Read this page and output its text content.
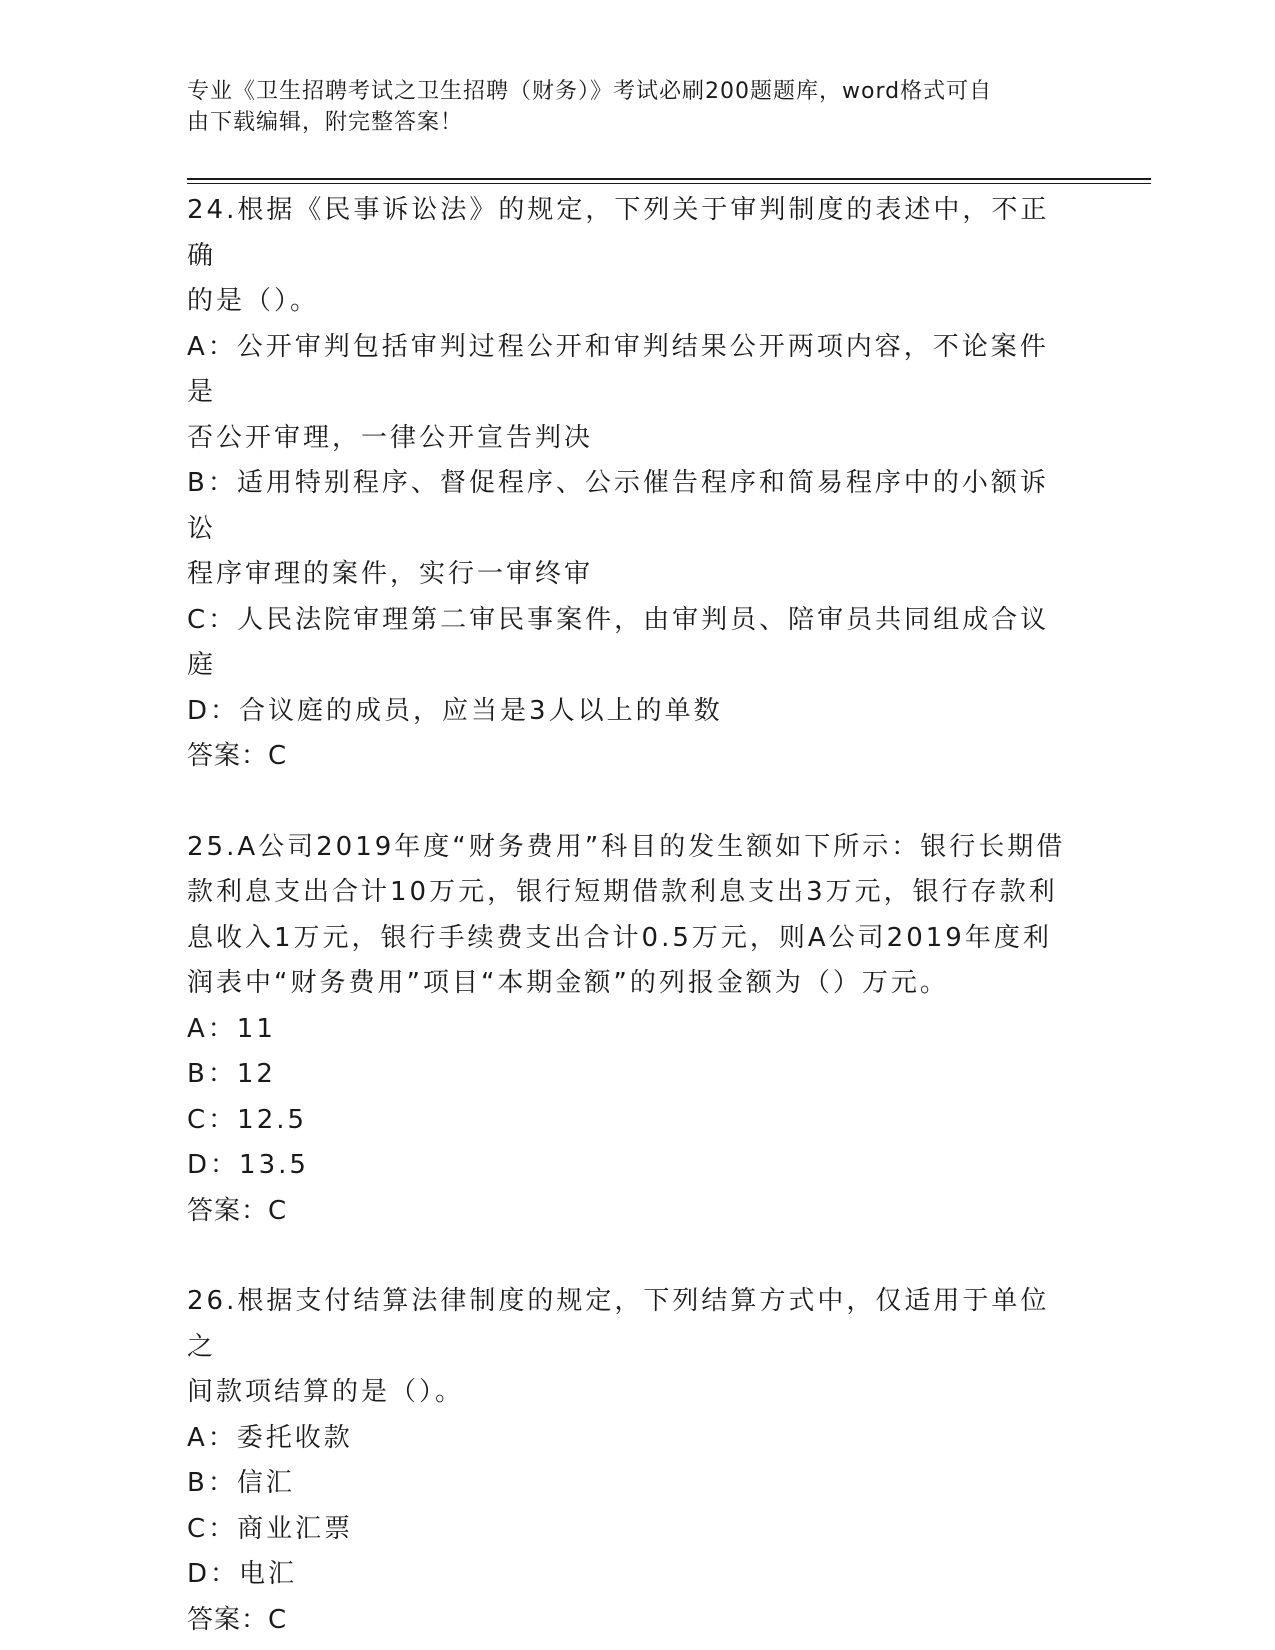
专业《卫生招聘考试之卫生招聘（财务）》考试必刷200题题库，word格式可自
由下载编辑，附完整答案！

24.根据《民事诉讼法》的规定，下列关于审判制度的表述中，不正确

的是（）。

A：公开审判包括审判过程公开和审判结果公开两项内容，不论案件是

否公开审理，一律公开宣告判决

B：适用特别程序、督促程序、公示催告程序和简易程序中的小额诉讼

程序审理的案件，实行一审终审

C：人民法院审理第二审民事案件，由审判员、陪审员共同组成合议庭

D：合议庭的成员，应当是3人以上的单数

答案：C

25.A公司2019年度“财务费用”科目的发生额如下所示：银行长期借

款利息支出合计10万元，银行短期借款利息支出3万元，银行存款利

息收入1万元，银行手续费支出合计0.5万元，则A公司2019年度利

润表中“财务费用”项目“本期金额”的列报金额为（）万元。

A：11

B：12

C：12.5

D：13.5

答案：C

26.根据支付结算法律制度的规定，下列结算方式中，仅适用于单位之

间款项结算的是（）。

A：委托收款

B：信汇

C：商业汇票

D：电汇

答案：C
